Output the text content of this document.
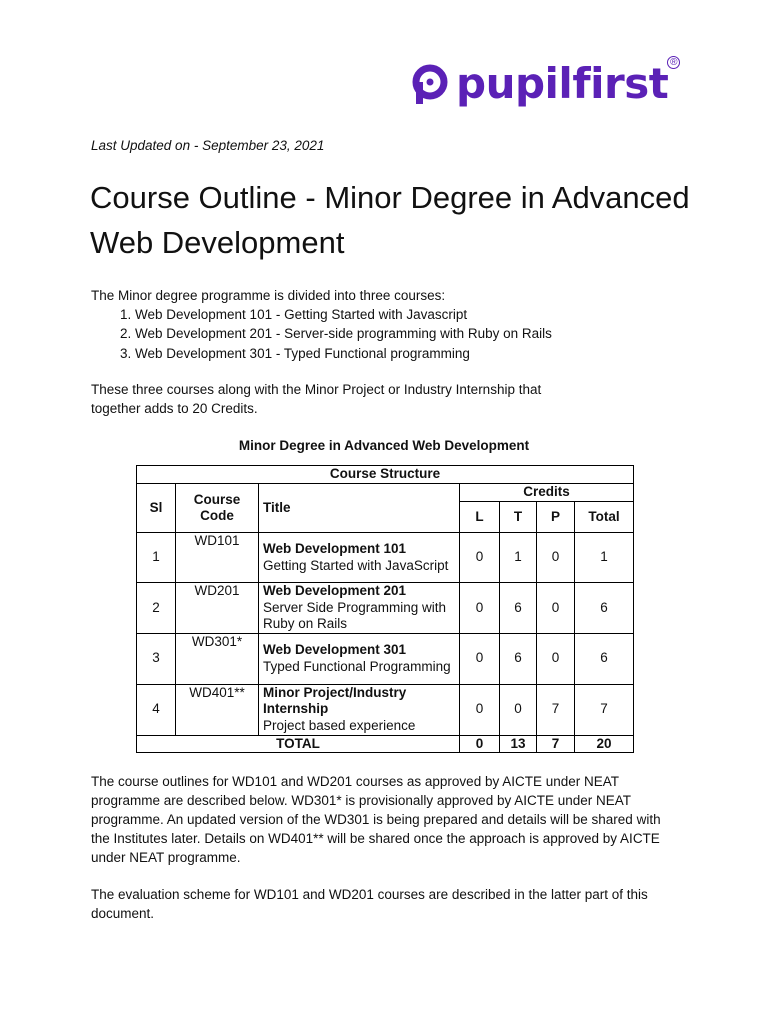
pupilfirst ®
Last Updated on - September 23, 2021
Course Outline - Minor Degree in Advanced Web Development

The Minor degree programme is divided into three courses:

1. Web Development 101 - Getting Started with Javascript
2. Web Development 201 - Server-side programming with Ruby on Rails
3. Web Development 301 - Typed Functional programming

These three courses along with the Minor Project or Industry Internship that together adds to 20 Credits.

Minor Degree in Advanced Web Development
Course Structure						
Sl	Course Code	Title	Credits			
			L	T	P	Total
1	WD101	Web Development 101
Getting Started with JavaScript	0	1	0	1
2	WD201	Web Development 201
Server Side Programming with Ruby on Rails	0	6	0	6
3	WD301*	Web Development 301
Typed Functional Programming	0	6	0	6
4	WD401**	Minor Project/Industry Internship
Project based experience	0	0	7	7
TOTAL			0	13	7	20

The course outlines for WD101 and WD201 courses as approved by AICTE under NEAT programme are described below. WD301* is provisionally approved by AICTE under NEAT programme. An updated version of the WD301 is being prepared and details will be shared with the Institutes later. Details on WD401** will be shared once the approach is approved by AICTE under NEAT programme.

The evaluation scheme for WD101 and WD201 courses are described in the latter part of this document.
